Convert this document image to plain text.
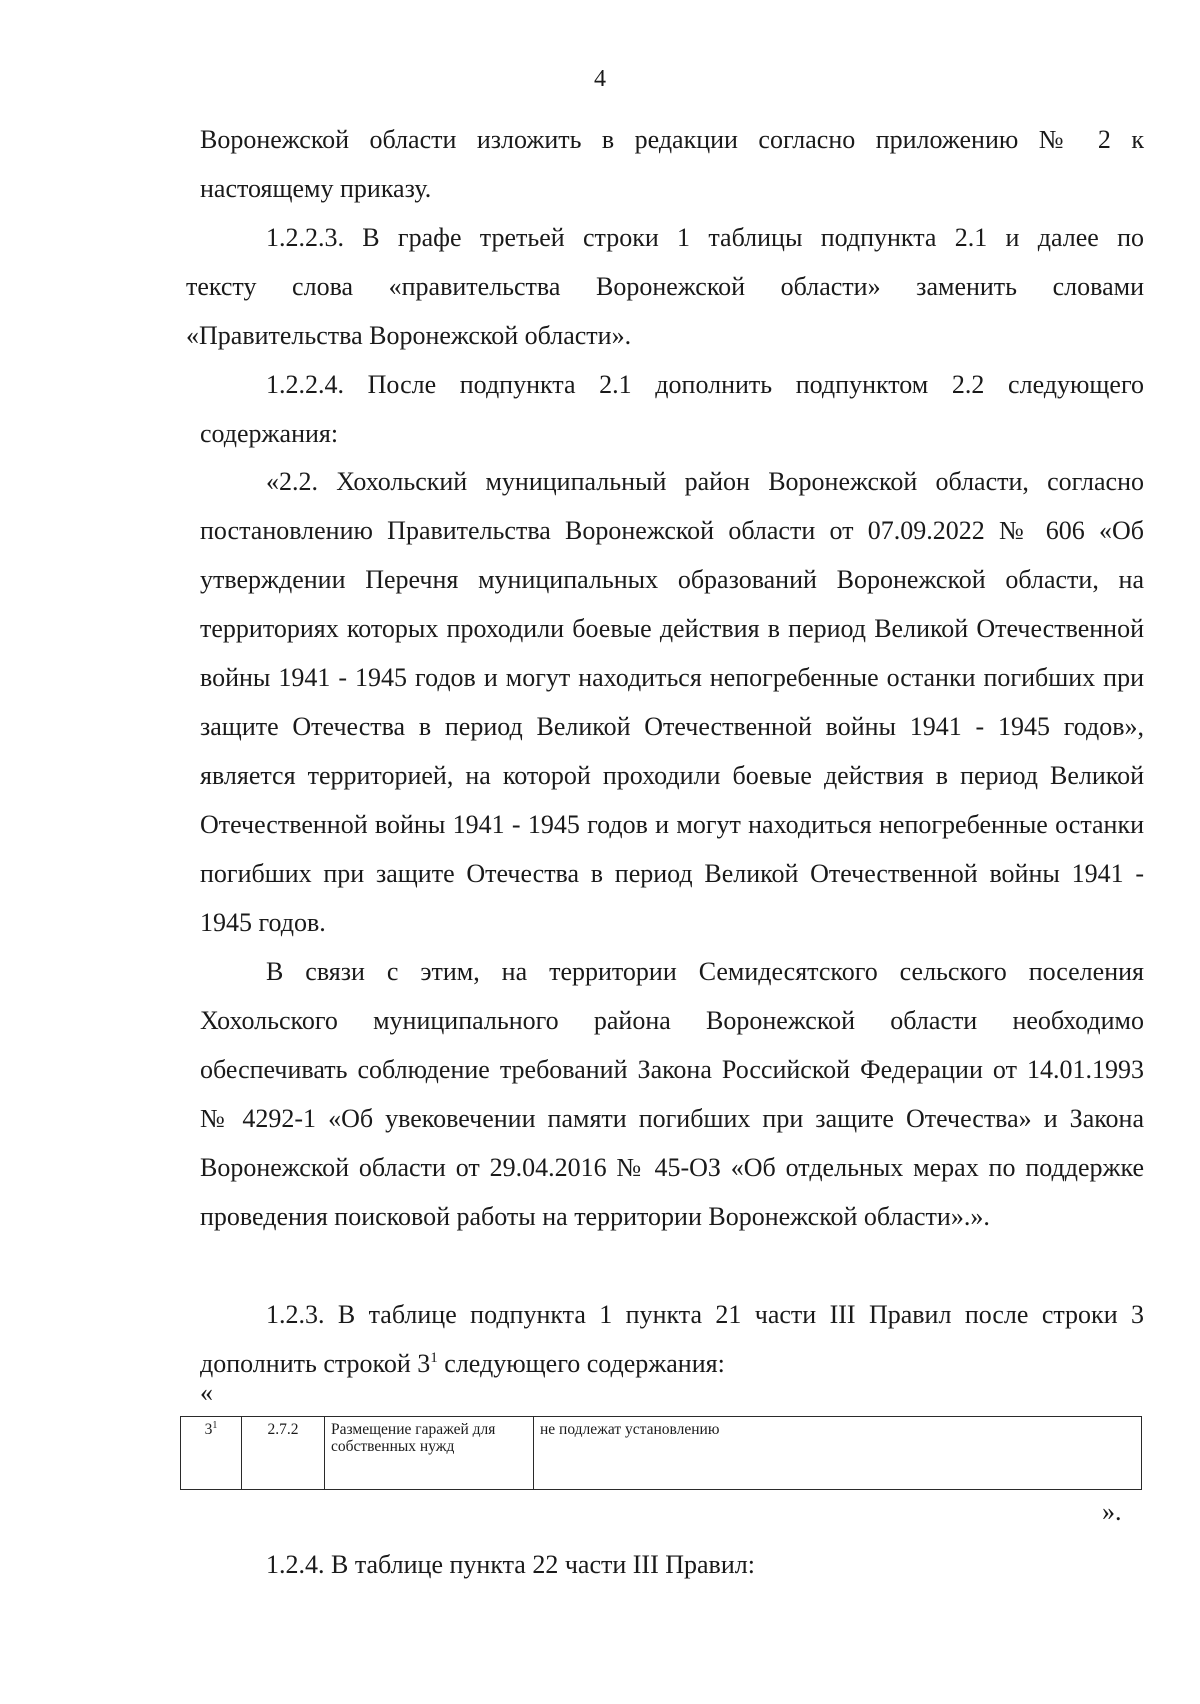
4

Воронежской области изложить в редакции согласно приложению № 2 к

настоящему приказу.

1.2.2.3. В графе третьей строки 1 таблицы подпункта 2.1 и далее по

тексту слова «правительства Воронежской области» заменить словами

«Правительства Воронежской области».

1.2.2.4. После подпункта 2.1 дополнить подпунктом 2.2 следующего

содержания:

«2.2. Хохольский муниципальный район Воронежской области, согласно постановлению Правительства Воронежской области от 07.09.2022 № 606 «Об утверждении Перечня муниципальных образований Воронежской области, на территориях которых проходили боевые действия в период Великой Отечественной войны 1941 - 1945 годов и могут находиться непогребенные останки погибших при защите Отечества в период Великой Отечественной войны 1941 - 1945 годов», является территорией, на которой проходили боевые действия в период Великой Отечественной войны 1941 - 1945 годов и могут находиться непогребенные останки погибших при защите Отечества в период Великой Отечественной войны 1941 - 1945 годов.

В связи с этим, на территории Семидесятского сельского поселения Хохольского муниципального района Воронежской области необходимо обеспечивать соблюдение требований Закона Российской Федерации от 14.01.1993 № 4292-1 «Об увековечении памяти погибших при защите Отечества» и Закона Воронежской области от 29.04.2016 № 45-ОЗ «Об отдельных мерах по поддержке проведения поисковой работы на территории Воронежской области».».

1.2.3. В таблице подпункта 1 пункта 21 части III Правил после строки 3 дополнить строкой $3^1$ следующего содержания:

«
$3^1$	2.7.2	Размещение гаражей для собственных нужд	не подлежат установлению
».

1.2.4. В таблице пункта 22 части III Правил:
